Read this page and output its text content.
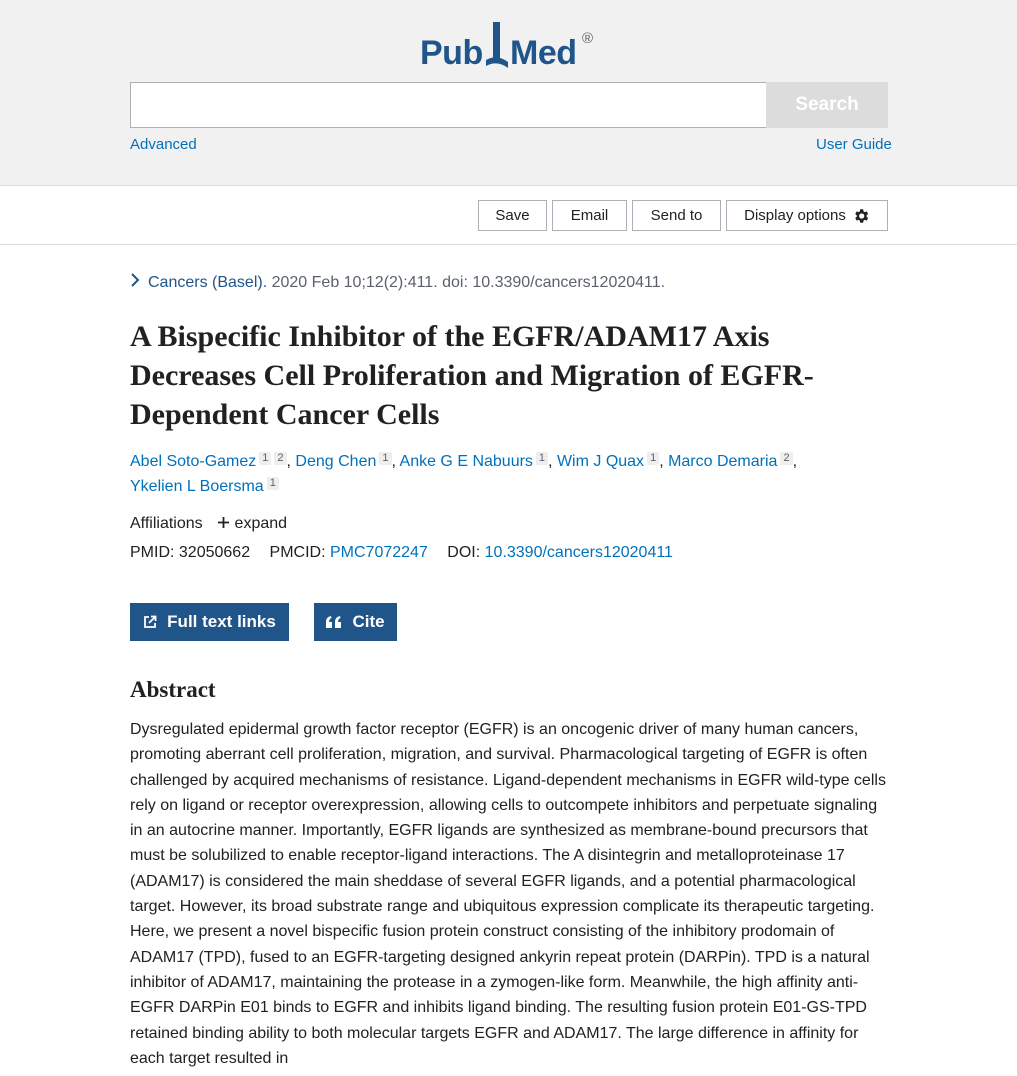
Pub Med ®
Search
Advanced	User Guide
Save	Email	Send to	Display options
Cancers (Basel). 2020 Feb 10;12(2):411. doi: 10.3390/cancers12020411.
A Bispecific Inhibitor of the EGFR/ADAM17 Axis Decreases Cell Proliferation and Migration of EGFR-Dependent Cancer Cells
Abel Soto-Gamez 1 2 , Deng Chen 1 , Anke G E Nabuurs 1 , Wim J Quax 1 , Marco Demaria 2 ,
Ykelien L Boersma 1
Affiliations expand
PMID: 32050662 PMCID: PMC7072247 DOI: 10.3390/cancers12020411
Full text links	Cite
Abstract

Dysregulated epidermal growth factor receptor (EGFR) is an oncogenic driver of many human cancers, promoting aberrant cell proliferation, migration, and survival. Pharmacological targeting of EGFR is often challenged by acquired mechanisms of resistance. Ligand-dependent mechanisms in EGFR wild-type cells rely on ligand or receptor overexpression, allowing cells to outcompete inhibitors and perpetuate signaling in an autocrine manner. Importantly, EGFR ligands are synthesized as membrane-bound precursors that must be solubilized to enable receptor-ligand interactions. The A disintegrin and metalloproteinase 17 (ADAM17) is considered the main sheddase of several EGFR ligands, and a potential pharmacological target. However, its broad substrate range and ubiquitous expression complicate its therapeutic targeting. Here, we present a novel bispecific fusion protein construct consisting of the inhibitory prodomain of ADAM17 (TPD), fused to an EGFR-targeting designed ankyrin repeat protein (DARPin). TPD is a natural inhibitor of ADAM17, maintaining the protease in a zymogen-like form. Meanwhile, the high affinity anti-EGFR DARPin E01 binds to EGFR and inhibits ligand binding. The resulting fusion protein E01-GS-TPD retained binding ability to both molecular targets EGFR and ADAM17. The large difference in affinity for each target resulted in
